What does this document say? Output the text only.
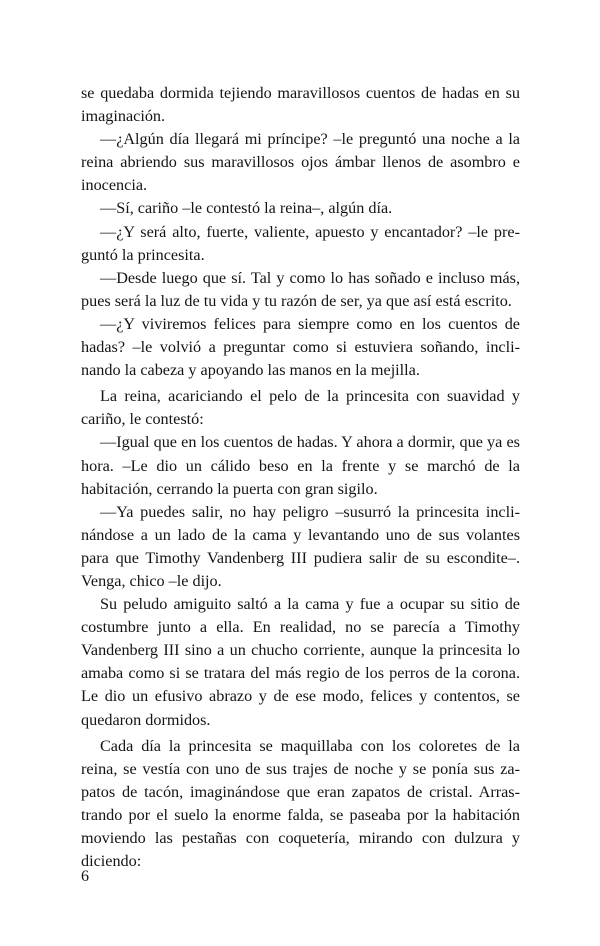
se quedaba dormida tejiendo maravillosos cuentos de hadas en su imaginación.

—¿Algún día llegará mi príncipe? –le preguntó una noche a la reina abriendo sus maravillosos ojos ámbar llenos de asombro e inocencia.

—Sí, cariño –le contestó la reina–, algún día.

—¿Y será alto, fuerte, valiente, apuesto y encantador? –le preguntó la princesita.

—Desde luego que sí. Tal y como lo has soñado e incluso más, pues será la luz de tu vida y tu razón de ser, ya que así está escrito.

—¿Y viviremos felices para siempre como en los cuentos de hadas? –le volvió a preguntar como si estuviera soñando, inclinando la cabeza y apoyando las manos en la mejilla.

La reina, acariciando el pelo de la princesita con suavidad y cariño, le contestó:

—Igual que en los cuentos de hadas. Y ahora a dormir, que ya es hora. –Le dio un cálido beso en la frente y se marchó de la habitación, cerrando la puerta con gran sigilo.

—Ya puedes salir, no hay peligro –susurró la princesita inclinándose a un lado de la cama y levantando uno de sus volantes para que Timothy Vandenberg III pudiera salir de su escondite–. Venga, chico –le dijo.

Su peludo amiguito saltó a la cama y fue a ocupar su sitio de costumbre junto a ella. En realidad, no se parecía a Timothy Vandenberg III sino a un chucho corriente, aunque la princesita lo amaba como si se tratara del más regio de los perros de la corona. Le dio un efusivo abrazo y de ese modo, felices y contentos, se quedaron dormidos.

Cada día la princesita se maquillaba con los coloretes de la reina, se vestía con uno de sus trajes de noche y se ponía sus zapatos de tacón, imaginándose que eran zapatos de cristal. Arrastrando por el suelo la enorme falda, se paseaba por la habitación moviendo las pestañas con coquetería, mirando con dulzura y diciendo:

6
